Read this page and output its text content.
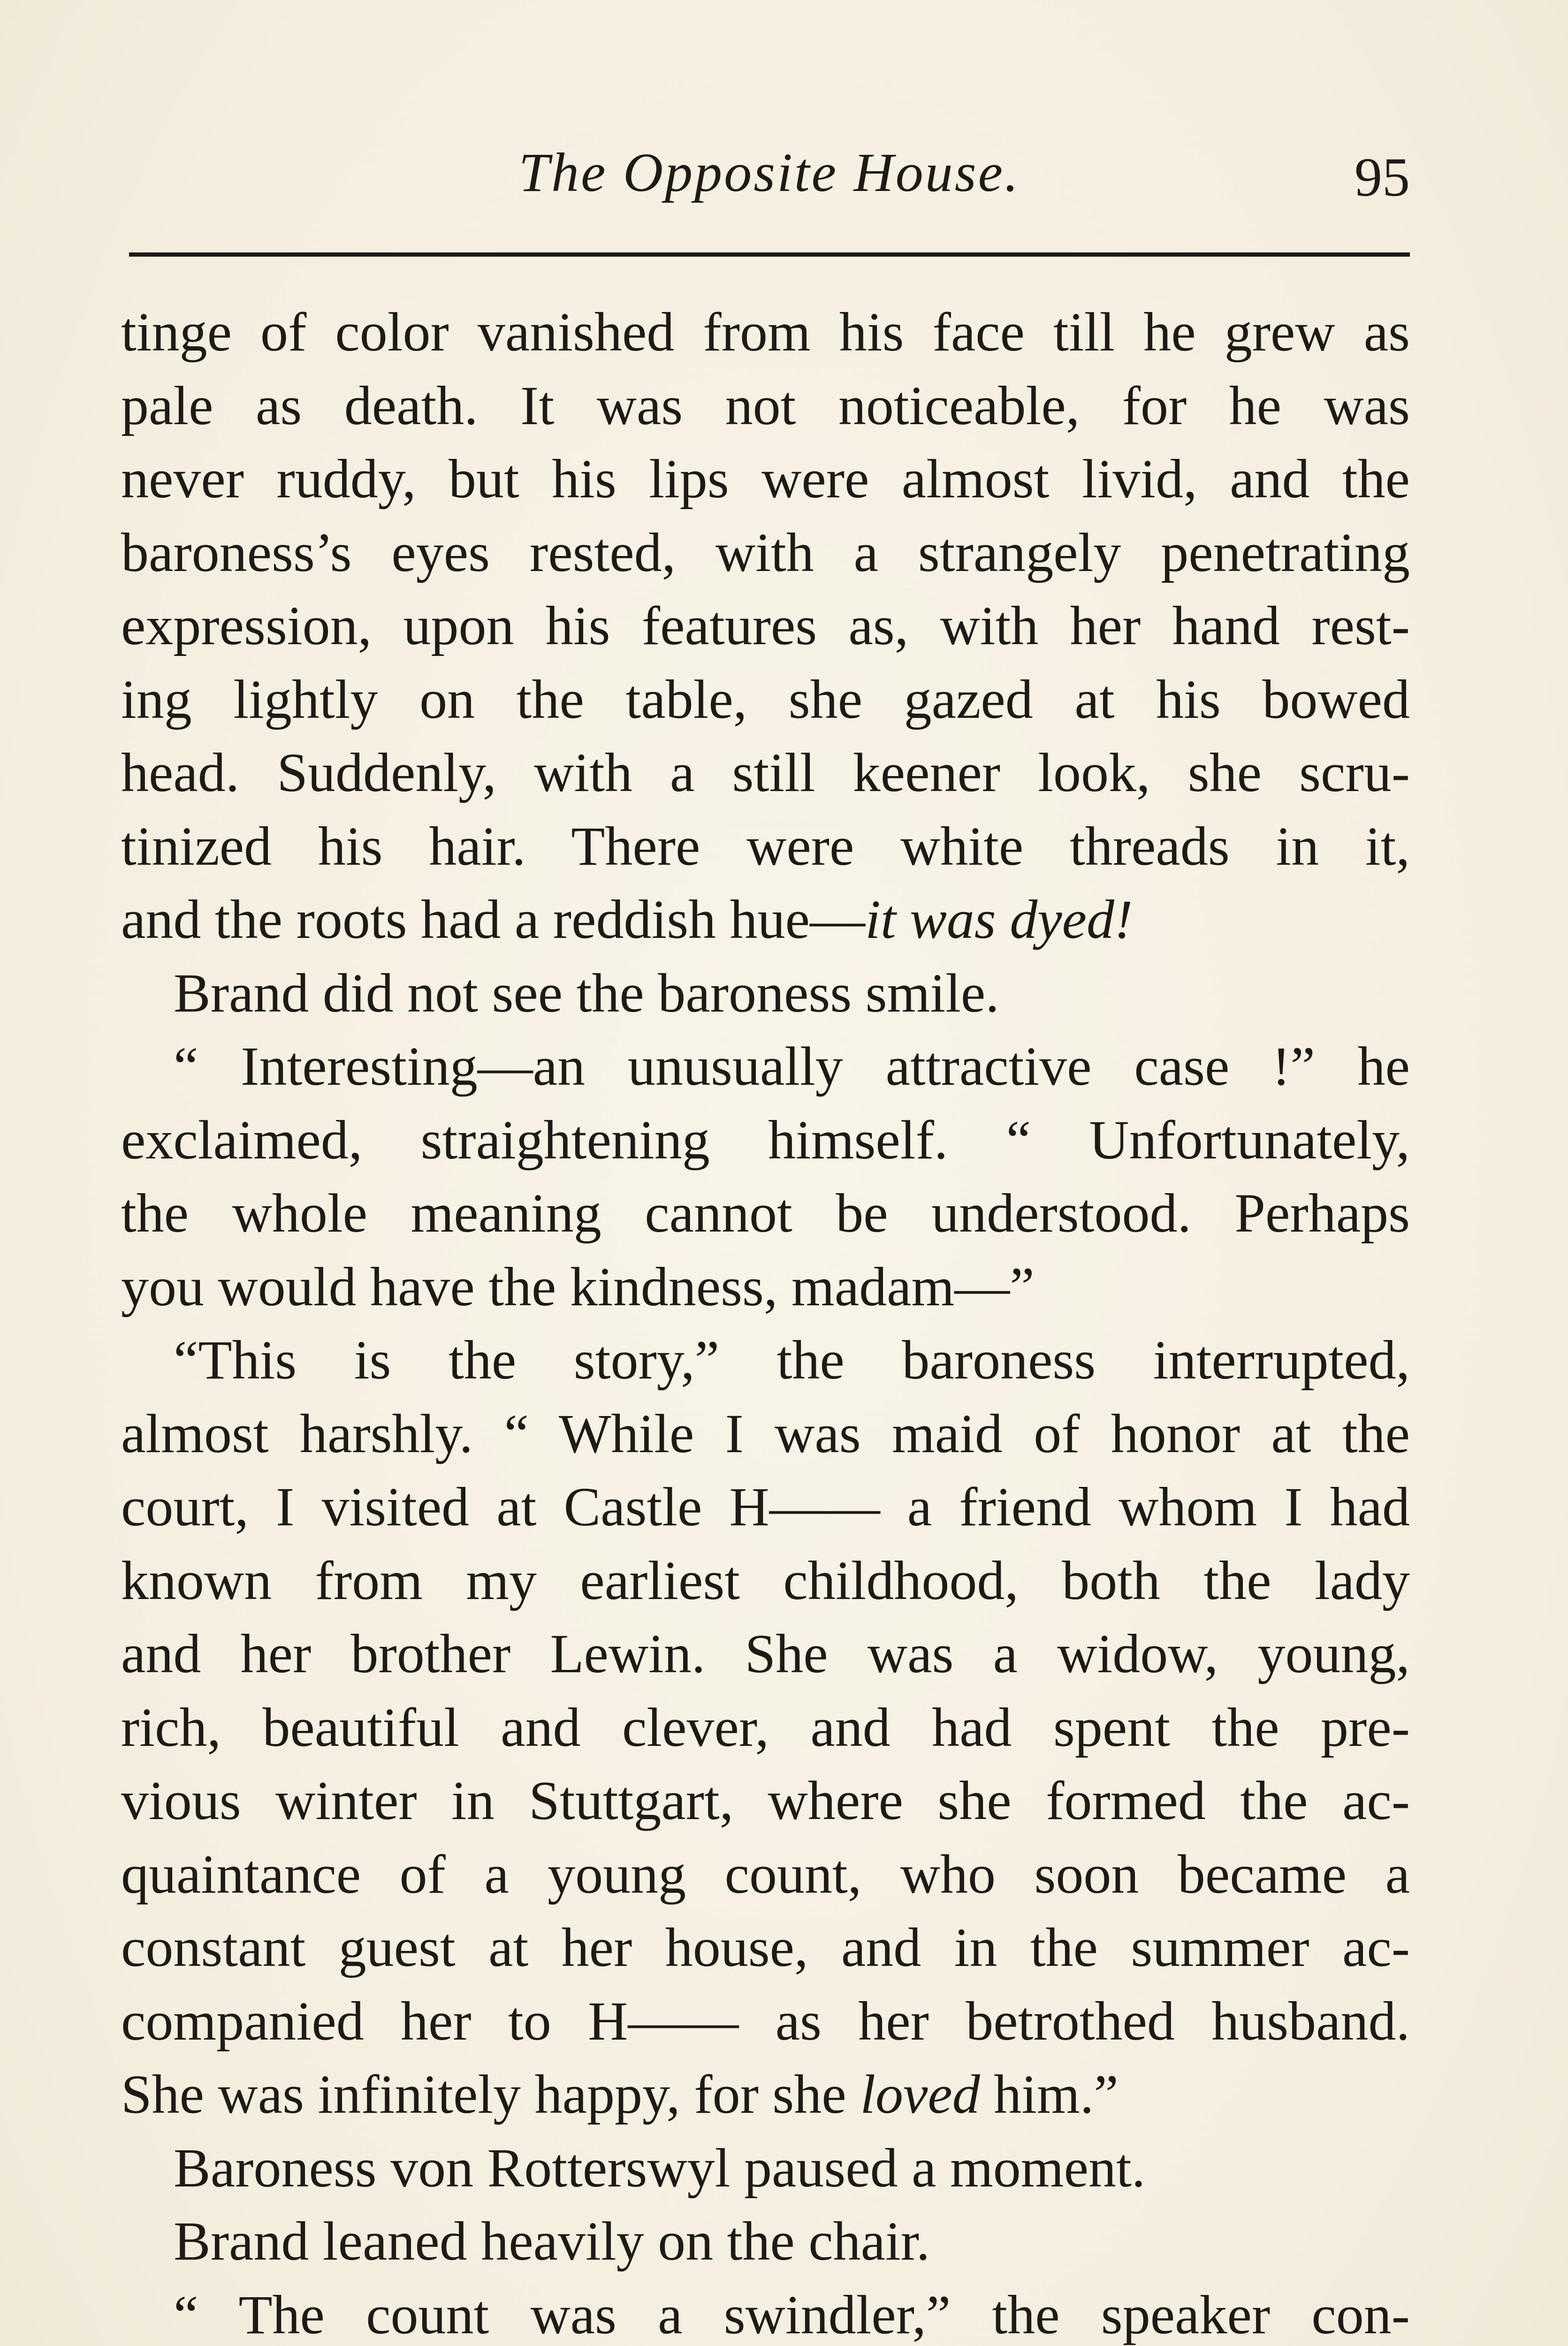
The Opposite House.	95
tinge of color vanished from his face till he grew as
pale as death. It was not noticeable, for he was
never ruddy, but his lips were almost livid, and the
baroness’s eyes rested, with a strangely penetrating
expression, upon his features as, with her hand rest-
ing lightly on the table, she gazed at his bowed
head. Suddenly, with a still keener look, she scru-
tinized his hair. There were white threads in it,
and the roots had a reddish hue—it was dyed!
Brand did not see the baroness smile.
“ Interesting—an unusually attractive case !” he
exclaimed, straightening himself. “ Unfortunately,
the whole meaning cannot be understood. Perhaps
you would have the kindness, madam—”
“This is the story,” the baroness interrupted,
almost harshly. “ While I was maid of honor at the
court, I visited at Castle H—— a friend whom I had
known from my earliest childhood, both the lady
and her brother Lewin. She was a widow, young,
rich, beautiful and clever, and had spent the pre-
vious winter in Stuttgart, where she formed the ac-
quaintance of a young count, who soon became a
constant guest at her house, and in the summer ac-
companied her to H—— as her betrothed husband.
She was infinitely happy, for she loved him.”
Baroness von Rotterswyl paused a moment.
Brand leaned heavily on the chair.
“ The count was a swindler,” the speaker con-
